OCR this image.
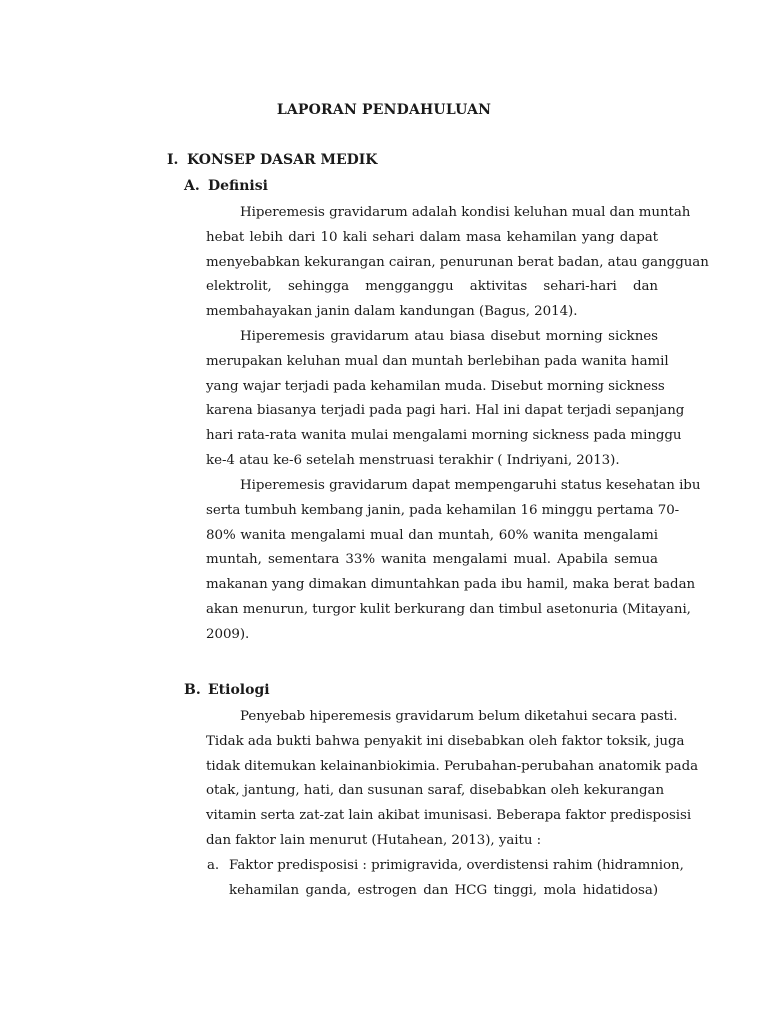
LAPORAN PENDAHULUAN
I. KONSEP DASAR MEDIK
A. Definisi
Hiperemesis gravidarum adalah kondisi keluhan mual dan muntah
hebat lebih dari 10 kali sehari dalam masa kehamilan yang dapat
menyebabkan kekurangan cairan, penurunan berat badan, atau gangguan
elektrolit, sehingga mengganggu aktivitas sehari-hari dan
membahayakan janin dalam kandungan (Bagus, 2014).
Hiperemesis gravidarum atau biasa disebut morning sicknes
merupakan keluhan mual dan muntah berlebihan pada wanita hamil
yang wajar terjadi pada kehamilan muda. Disebut morning sickness
karena biasanya terjadi pada pagi hari. Hal ini dapat terjadi sepanjang
hari rata-rata wanita mulai mengalami morning sickness pada minggu
ke-4 atau ke-6 setelah menstruasi terakhir ( Indriyani, 2013).
Hiperemesis gravidarum dapat mempengaruhi status kesehatan ibu
serta tumbuh kembang janin, pada kehamilan 16 minggu pertama 70-
80% wanita mengalami mual dan muntah, 60% wanita mengalami
muntah, sementara 33% wanita mengalami mual. Apabila semua
makanan yang dimakan dimuntahkan pada ibu hamil, maka berat badan
akan menurun, turgor kulit berkurang dan timbul asetonuria (Mitayani,
2009).
B. Etiologi
Penyebab hiperemesis gravidarum belum diketahui secara pasti.
Tidak ada bukti bahwa penyakit ini disebabkan oleh faktor toksik, juga
tidak ditemukan kelainanbiokimia. Perubahan-perubahan anatomik pada
otak, jantung, hati, dan susunan saraf, disebabkan oleh kekurangan
vitamin serta zat-zat lain akibat imunisasi. Beberapa faktor predisposisi
dan faktor lain menurut (Hutahean, 2013), yaitu :
a. Faktor predisposisi : primigravida, overdistensi rahim (hidramnion,
kehamilan ganda, estrogen dan HCG tinggi, mola hidatidosa)
